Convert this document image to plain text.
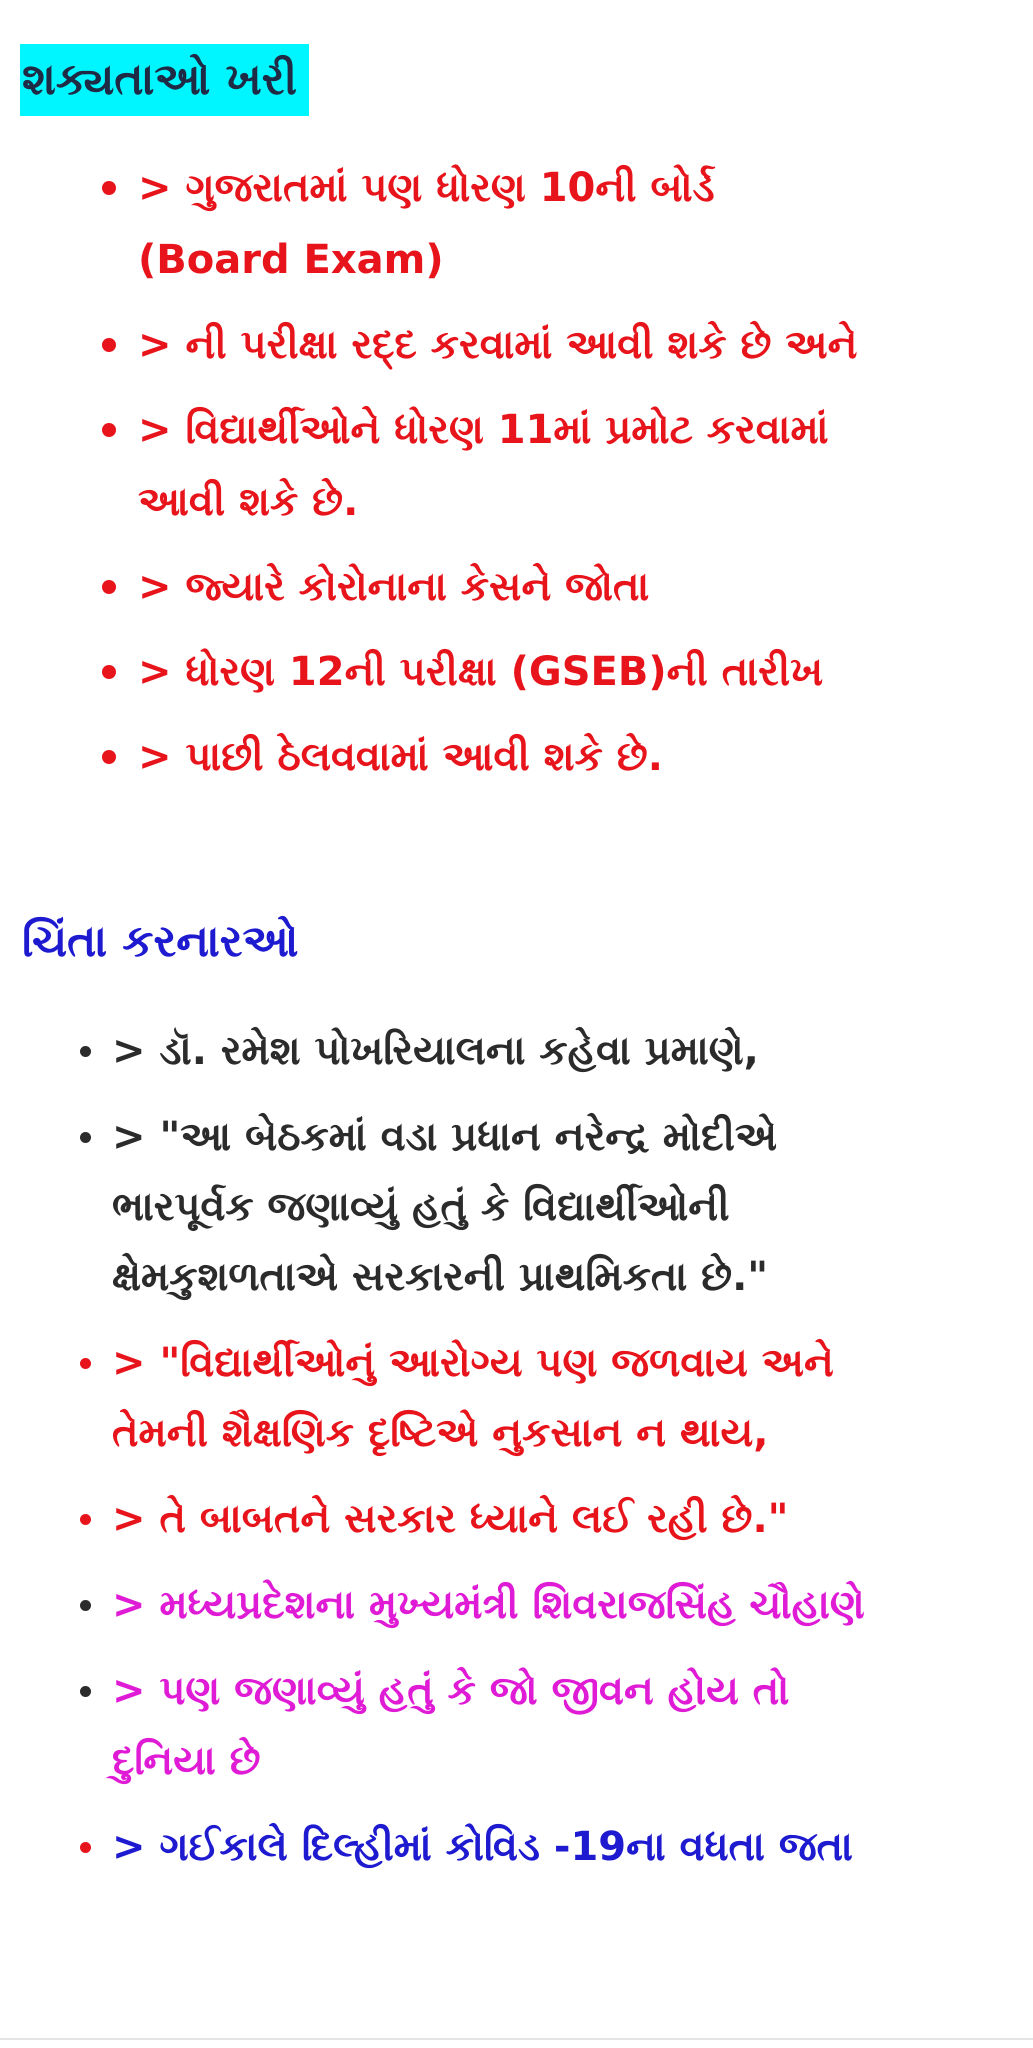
શક્યતાઓ ખરી
> ગુજરાતમાં પણ ધોરણ 10ની બોર્ડ (Board Exam)
> ની પરીક્ષા રદ્દ કરવામાં આવી શકે છે અને
> વિદ્યાર્થીઓને ધોરણ 11માં પ્રમોટ કરવામાં આવી શકે છે.
> જ્યારે કોરોનાના કેસને જોતા
> ધોરણ 12ની પરીક્ષા (GSEB)ની તારીખ
> પાછી ઠેલવવામાં આવી શકે છે.
ચિંતા કરનારઓ
> ડૉ. રમેશ પોખરિયાલના કહેવા પ્રમાણે,
> "આ બેઠકમાં વડા પ્રધાન નરેન્દ્ર મોદીએ ભારપૂર્વક જણાવ્યું હતું કે વિદ્યાર્થીઓની ક્ષેમકુશળતાએ સરકારની પ્રાથમિકતા છે."
> "વિદ્યાર્થીઓનું આરોગ્ય પણ જળવાય અને તેમની શૈક્ષણિક દૃષ્ટિએ નુકસાન ન થાય,
> તે બાબતને સરકાર ધ્યાને લઈ રહી છે."
> મધ્યપ્રદેશના મુખ્યમંત્રી શિવરાજસિંહ ચૌહાણે
> પણ જણાવ્યું હતું કે જો જીવન હોય તો દુનિયા છે
> ગઈકાલે દિલ્હીમાં કોવિડ -19ના વધતા જતા
